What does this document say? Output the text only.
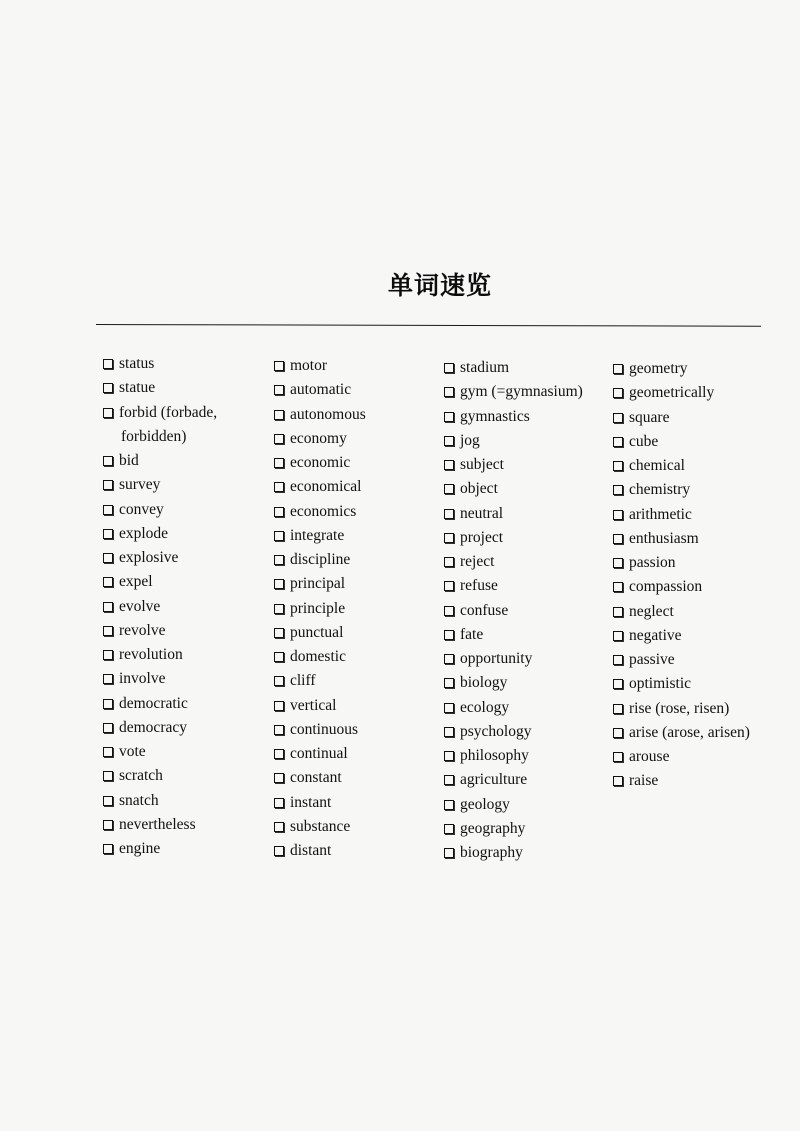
单词速览
status
statue
forbid (forbade,
forbidden)
bid
survey
convey
explode
explosive
expel
evolve
revolve
revolution
involve
democratic
democracy
vote
scratch
snatch
nevertheless
engine
motor
automatic
autonomous
economy
economic
economical
economics
integrate
discipline
principal
principle
punctual
domestic
cliff
vertical
continuous
continual
constant
instant
substance
distant
stadium
gym (=gymnasium)
gymnastics
jog
subject
object
neutral
project
reject
refuse
confuse
fate
opportunity
biology
ecology
psychology
philosophy
agriculture
geology
geography
biography
geometry
geometrically
square
cube
chemical
chemistry
arithmetic
enthusiasm
passion
compassion
neglect
negative
passive
optimistic
rise (rose, risen)
arise (arose, arisen)
arouse
raise
